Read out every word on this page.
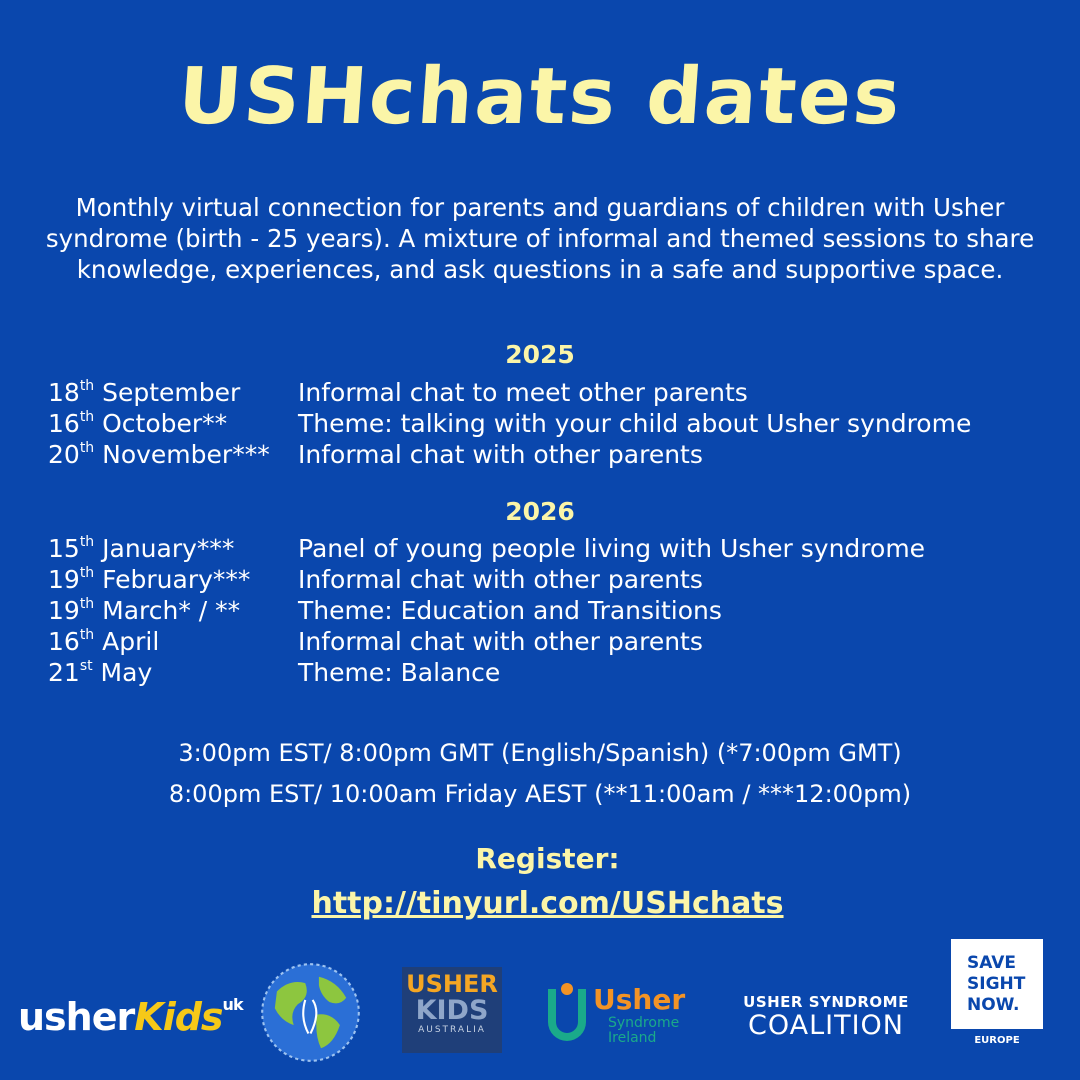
USHchats dates
Monthly virtual connection for parents and guardians of children with Usher syndrome (birth - 25 years). A mixture of informal and themed sessions to share knowledge, experiences, and ask questions in a safe and supportive space.
2025
18th September	Informal chat to meet other parents
16th October**	Theme: talking with your child about Usher syndrome
20th November***	Informal chat with other parents
2026
15th January***	Panel of young people living with Usher syndrome
19th February***	Informal chat with other parents
19th March* / **	Theme: Education and Transitions
16th April	Informal chat with other parents
21st May	Theme: Balance
3:00pm EST/ 8:00pm GMT (English/Spanish) (*7:00pm GMT)
8:00pm EST/ 10:00am Friday AEST (**11:00am / ***12:00pm)
Register:
http://tinyurl.com/USHchats
usherKids$^{uk}$
USHER
KIDS
AUSTRALIA
Usher
Syndrome
Ireland
USHER SYNDROME
COALITION
SAVE
SIGHT
NOW.
EUROPE
